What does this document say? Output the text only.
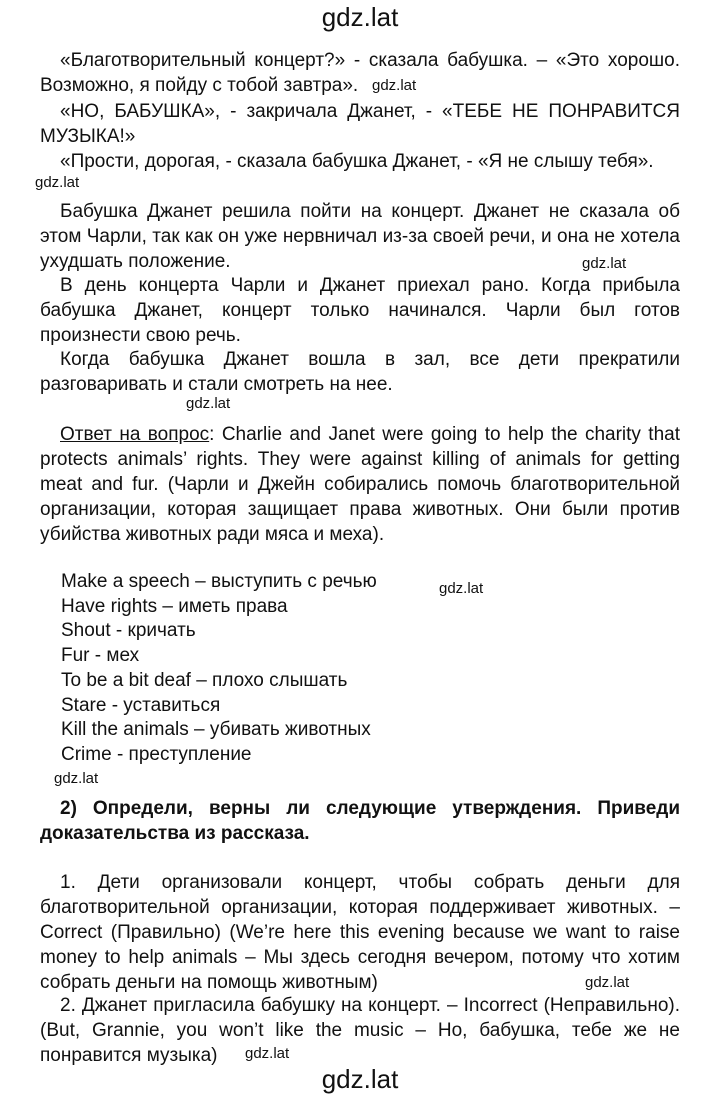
gdz.lat

«Благотворительный концерт?» - сказала бабушка. – «Это хорошо. Возможно, я пойду с тобой завтра». gdz.lat

«НО, БАБУШКА», - закричала Джанет, - «ТЕБЕ НЕ ПОНРАВИТСЯ МУЗЫКА!»

«Прости, дорогая, - сказала бабушка Джанет, - «Я не слышу тебя».

gdz.lat

Бабушка Джанет решила пойти на концерт. Джанет не сказала об этом Чарли, так как он уже нервничал из-за своей речи, и она не хотела ухудшать положение.	gdz.lat

В день концерта Чарли и Джанет приехал рано. Когда прибыла бабушка Джанет, концерт только начинался. Чарли был готов произнести свою речь.

Когда бабушка Джанет вошла в зал, все дети прекратили разговаривать и стали смотреть на нее.

gdz.lat

Ответ на вопрос: Charlie and Janet were going to help the charity that protects animals’ rights. They were against killing of animals for getting meat and fur. (Чарли и Джейн собирались помочь благотворительной организации, которая защищает права животных. Они были против убийства животных ради мяса и меха).

Make a speech – выступить с речью
Have rights – иметь права
Shout - кричать
Fur - мех
To be a bit deaf – плохо слышать
Stare - уставиться
Kill the animals – убивать животных
Crime - преступление
gdz.lat
gdz.lat

2) Определи, верны ли следующие утверждения. Приведи доказательства из рассказа.

1. Дети организовали концерт, чтобы собрать деньги для благотворительной организации, которая поддерживает животных. – Correct (Правильно) (We’re here this evening because we want to raise money to help animals – Мы здесь сегодня вечером, потому что хотим собрать деньги на помощь животным)	gdz.lat

2. Джанет пригласила бабушку на концерт. – Incorrect (Неправильно). (But, Grannie, you won’t like the music – Но, бабушка, тебе же не понравится музыка)	gdz.lat
gdz.lat
